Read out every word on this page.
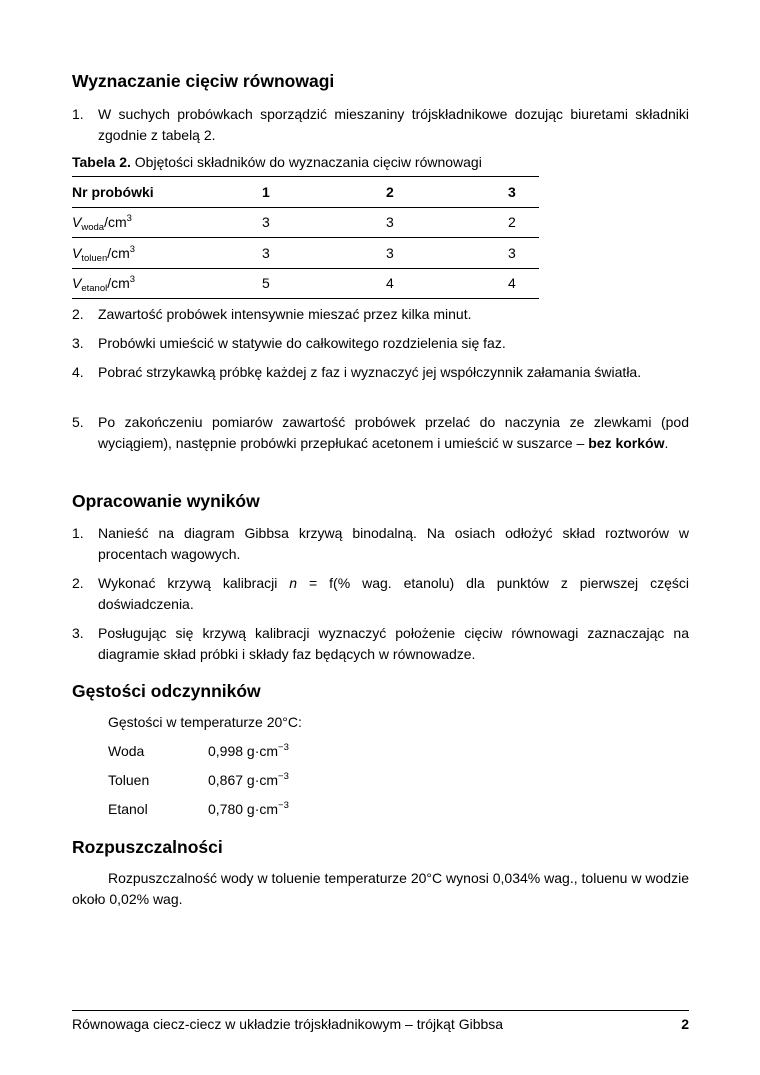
Wyznaczanie cięciw równowagi
1. W suchych probówkach sporządzić mieszaniny trójskładnikowe dozując biuretami składniki zgodnie z tabelą 2.
Tabela 2. Objętości składników do wyznaczania cięciw równowagi
Nr probówki	1	2	3
$V_{woda}/cm^3$	3	3	2
$V_{toluen}/cm^3$	3	3	3
$V_{etanol}/cm^3$	5	4	4
2. Zawartość probówek intensywnie mieszać przez kilka minut.
3. Probówki umieścić w statywie do całkowitego rozdzielenia się faz.
4. Pobrać strzykawką próbkę każdej z faz i wyznaczyć jej współczynnik załamania światła.
5. Po zakończeniu pomiarów zawartość probówek przelać do naczynia ze zlewkami (pod wyciągiem), następnie probówki przepłukać acetonem i umieścić w suszarce – bez korków.
Opracowanie wyników
1. Nanieść na diagram Gibbsa krzywą binodalną. Na osiach odłożyć skład roztworów w procentach wagowych.
2. Wykonać krzywą kalibracji n = f(% wag. etanolu) dla punktów z pierwszej części doświadczenia.
3. Posługując się krzywą kalibracji wyznaczyć położenie cięciw równowagi zaznaczając na diagramie skład próbki i składy faz będących w równowadze.
Gęstości odczynników
Gęstości w temperaturze 20°C:
Woda	0,998 $g\cdot cm^{-3}$
Toluen	0,867 $g\cdot cm^{-3}$
Etanol	0,780 $g\cdot cm^{-3}$
Rozpuszczalności
Rozpuszczalność wody w toluenie temperaturze 20°C wynosi 0,034% wag., toluenu w wodzie około 0,02% wag.
Równowaga ciecz-ciecz w układzie trójskładnikowym – trójkąt Gibbsa	2
